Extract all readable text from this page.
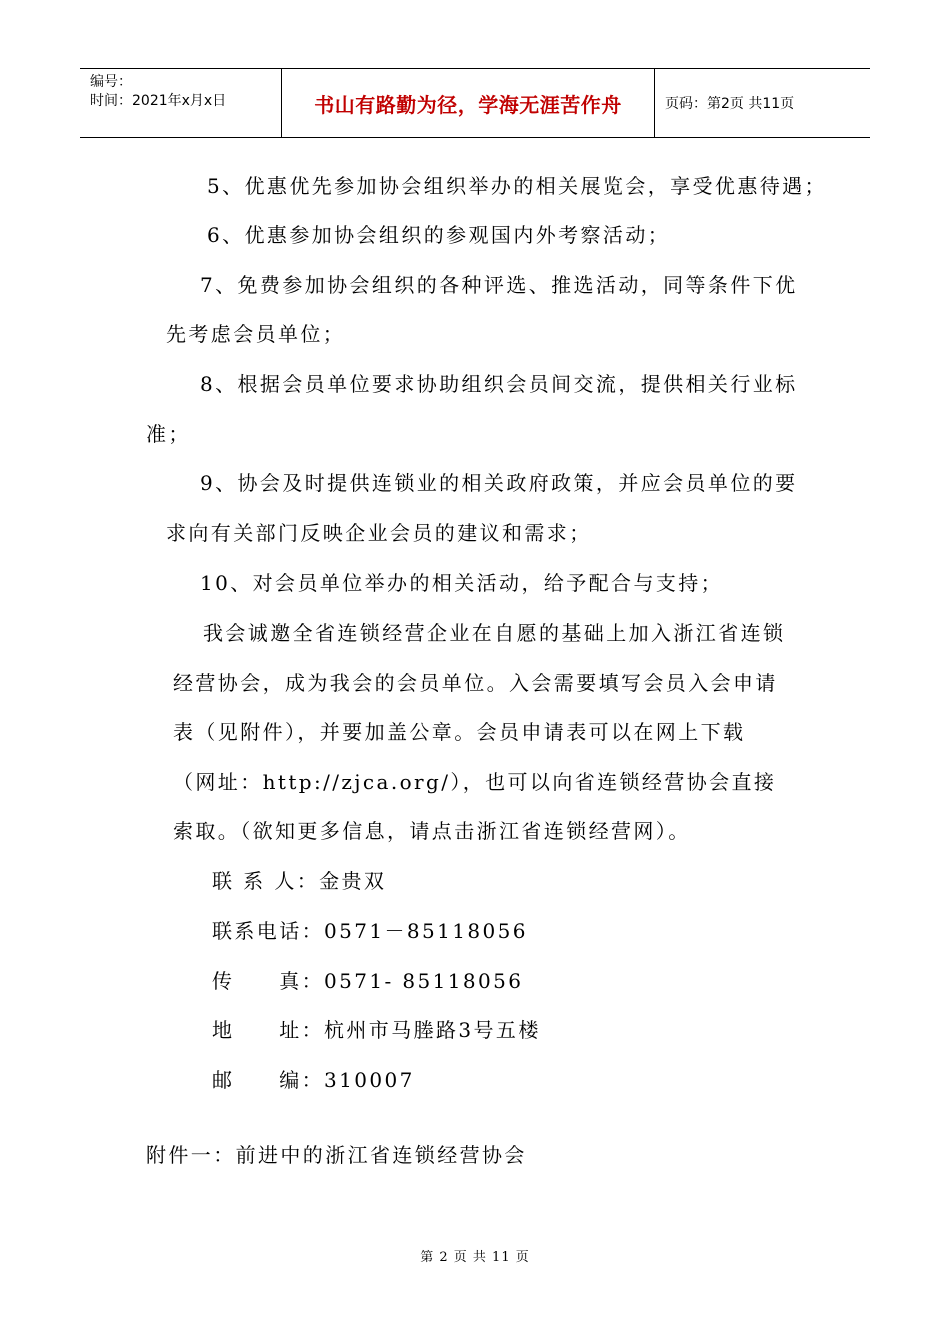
编号：
时间：2021年x月x日	书山有路勤为径，学海无涯苦作舟	页码：第2页 共11页
5、优惠优先参加协会组织举办的相关展览会，享受优惠待遇；
6、优惠参加协会组织的参观国内外考察活动；
7、免费参加协会组织的各种评选、推选活动，同等条件下优
先考虑会员单位；
8、根据会员单位要求协助组织会员间交流，提供相关行业标
准；
9、协会及时提供连锁业的相关政府政策，并应会员单位的要
求向有关部门反映企业会员的建议和需求；
10、对会员单位举办的相关活动，给予配合与支持；
我会诚邀全省连锁经营企业在自愿的基础上加入浙江省连锁
经营协会，成为我会的会员单位。入会需要填写会员入会申请
表（见附件），并要加盖公章。会员申请表可以在网上下载
（网址：http://zjca.org/），也可以向省连锁经营协会直接
索取。（欲知更多信息，请点击浙江省连锁经营网）。
联 系 人：金贵双
联系电话：0571－85118056
传　　真：0571- 85118056
地　　址：杭州市马塍路3号五楼
邮　　编：310007
附件一：前进中的浙江省连锁经营协会
第 2 页 共 11 页
